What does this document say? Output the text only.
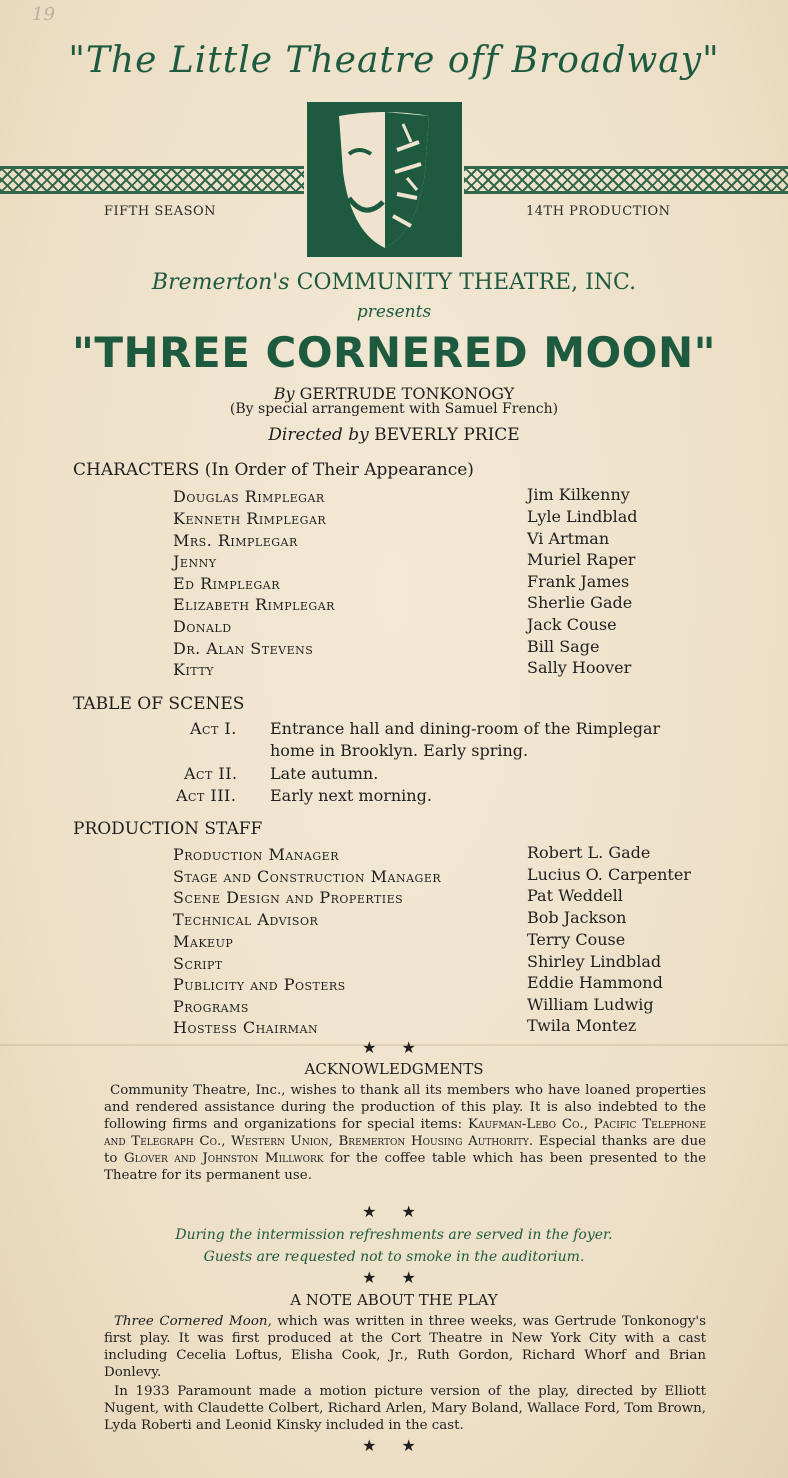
19
"The Little Theatre off Broadway"
FIFTH SEASON	14TH PRODUCTION
Bremerton's COMMUNITY THEATRE, INC.
presents
"THREE CORNERED MOON"
By GERTRUDE TONKONOGY
(By special arrangement with Samuel French)
Directed by BEVERLY PRICE
CHARACTERS (In Order of Their Appearance)
Douglas Rimplegar	Jim Kilkenny
Kenneth Rimplegar	Lyle Lindblad
Mrs. Rimplegar	Vi Artman
Jenny	Muriel Raper
Ed Rimplegar	Frank James
Elizabeth Rimplegar	Sherlie Gade
Donald	Jack Couse
Dr. Alan Stevens	Bill Sage
Kitty	Sally Hoover
TABLE OF SCENES
Act I. Entrance hall and dining-room of the Rimplegar
home in Brooklyn. Early spring.
Act II. Late autumn.
Act III. Early next morning.
PRODUCTION STAFF
Production Manager	Robert L. Gade
Stage and Construction Manager	Lucius O. Carpenter
Scene Design and Properties	Pat Weddell
Technical Advisor	Bob Jackson
Makeup	Terry Couse
Script	Shirley Lindblad
Publicity and Posters	Eddie Hammond
Programs	William Ludwig
Hostess Chairman	Twila Montez
★ ★
ACKNOWLEDGMENTS
Community Theatre, Inc., wishes to thank all its members who have loaned properties and rendered assistance during the production of this play. It is also indebted to the following firms and organizations for special items: Kaufman-Lebo Co., Pacific Telephone and Telegraph Co., Western Union, Bremerton Housing Authority. Especial thanks are due to Glover and Johnston Millwork for the coffee table which has been presented to the Theatre for its permanent use.
★ ★
During the intermission refreshments are served in the foyer.
Guests are requested not to smoke in the auditorium.
★ ★
A NOTE ABOUT THE PLAY
Three Cornered Moon, which was written in three weeks, was Gertrude Tonkonogy's first play. It was first produced at the Cort Theatre in New York City with a cast including Cecelia Loftus, Elisha Cook, Jr., Ruth Gordon, Richard Whorf and Brian Donlevy.
In 1933 Paramount made a motion picture version of the play, directed by Elliott Nugent, with Claudette Colbert, Richard Arlen, Mary Boland, Wallace Ford, Tom Brown, Lyda Roberti and Leonid Kinsky included in the cast.
★ ★
